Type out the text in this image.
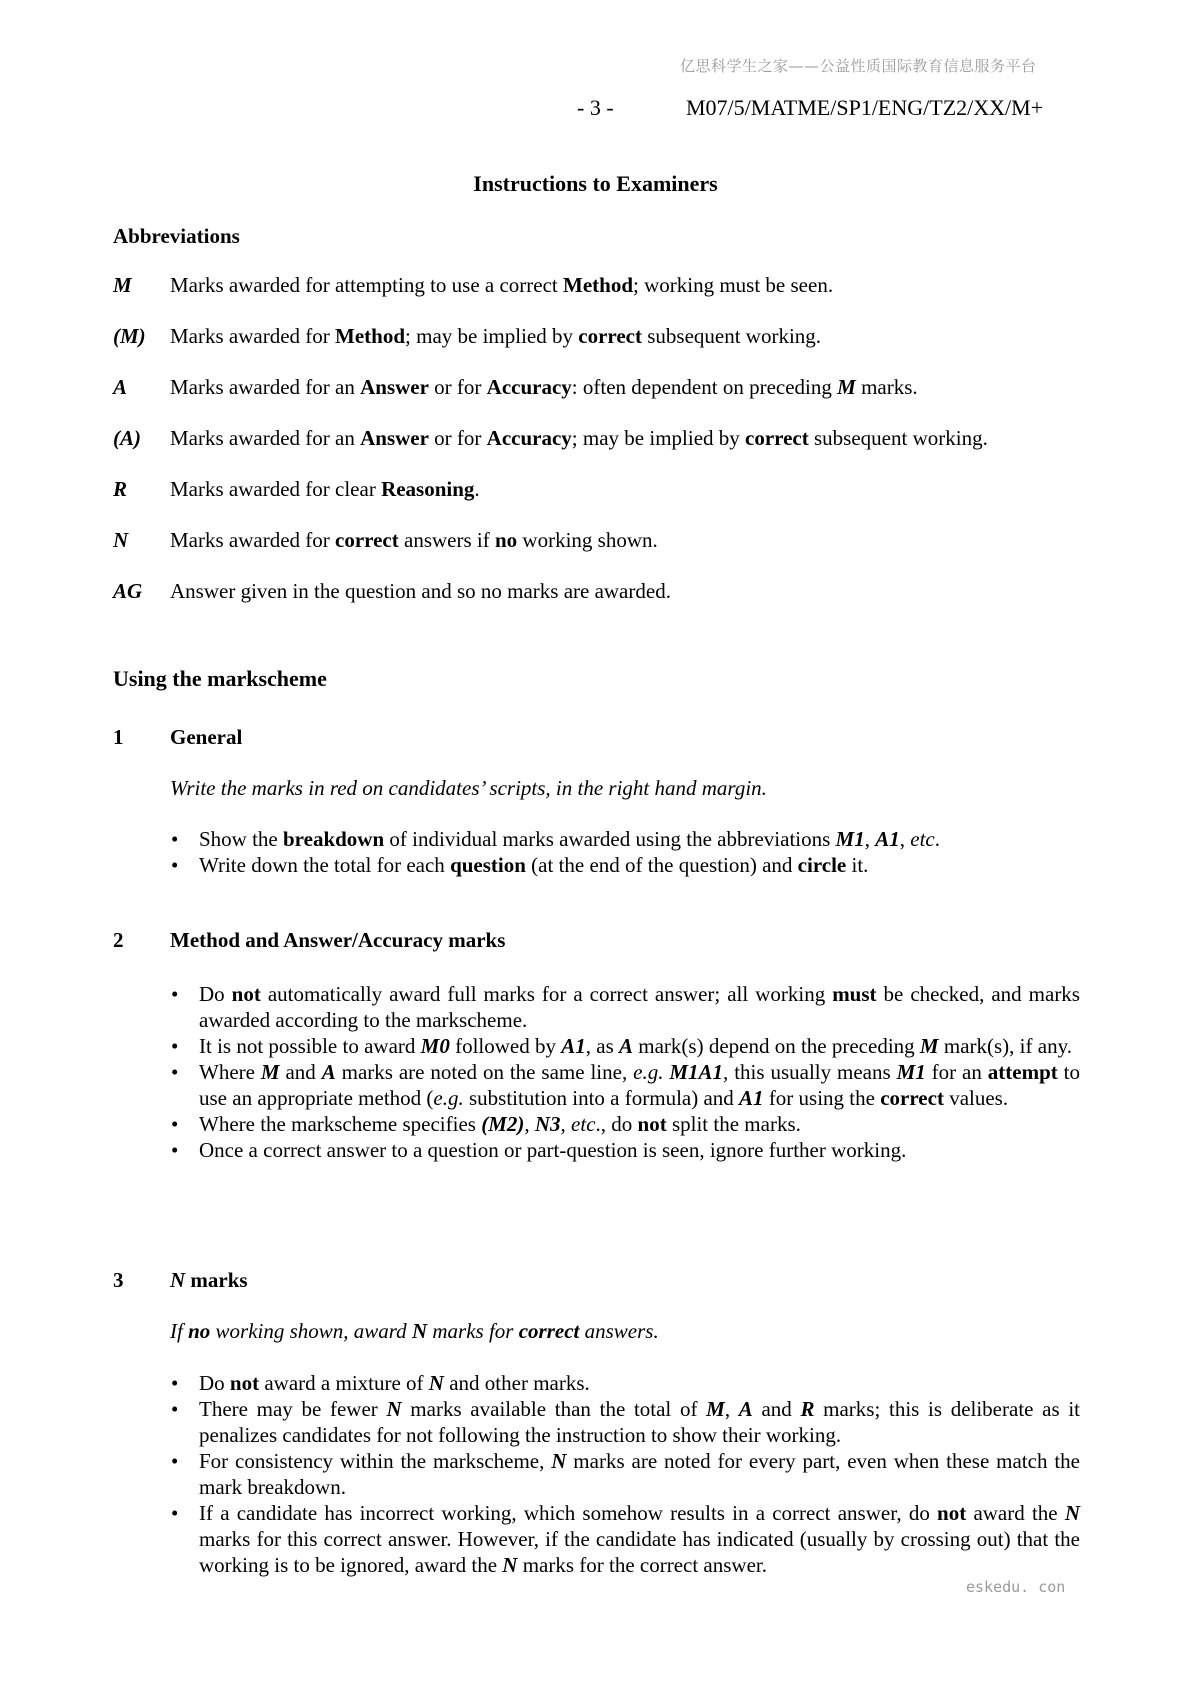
亿思科学生之家——公益性质国际教育信息服务平台
- 3 -	M07/5/MATME/SP1/ENG/TZ2/XX/M+
Instructions to Examiners
Abbreviations
M Marks awarded for attempting to use a correct Method; working must be seen.
(M) Marks awarded for Method; may be implied by correct subsequent working.
A Marks awarded for an Answer or for Accuracy: often dependent on preceding M marks.
(A) Marks awarded for an Answer or for Accuracy; may be implied by correct subsequent working.
R Marks awarded for clear Reasoning.
N Marks awarded for correct answers if no working shown.
AG Answer given in the question and so no marks are awarded.
Using the markscheme
1 General
Write the marks in red on candidates’ scripts, in the right hand margin.
• Show the breakdown of individual marks awarded using the abbreviations M1, A1, etc.
• Write down the total for each question (at the end of the question) and circle it.
2 Method and Answer/Accuracy marks
• Do not automatically award full marks for a correct answer; all working must be checked, and marks awarded according to the markscheme.
• It is not possible to award M0 followed by A1, as A mark(s) depend on the preceding M mark(s), if any.
• Where M and A marks are noted on the same line, e.g. M1A1, this usually means M1 for an attempt to use an appropriate method (e.g. substitution into a formula) and A1 for using the correct values.
• Where the markscheme specifies (M2), N3, etc., do not split the marks.
• Once a correct answer to a question or part-question is seen, ignore further working.
3 N marks
If no working shown, award N marks for correct answers.
• Do not award a mixture of N and other marks.
• There may be fewer N marks available than the total of M, A and R marks; this is deliberate as it penalizes candidates for not following the instruction to show their working.
• For consistency within the markscheme, N marks are noted for every part, even when these match the mark breakdown.
• If a candidate has incorrect working, which somehow results in a correct answer, do not award the N marks for this correct answer. However, if the candidate has indicated (usually by crossing out) that the working is to be ignored, award the N marks for the correct answer.
eskedu. con
